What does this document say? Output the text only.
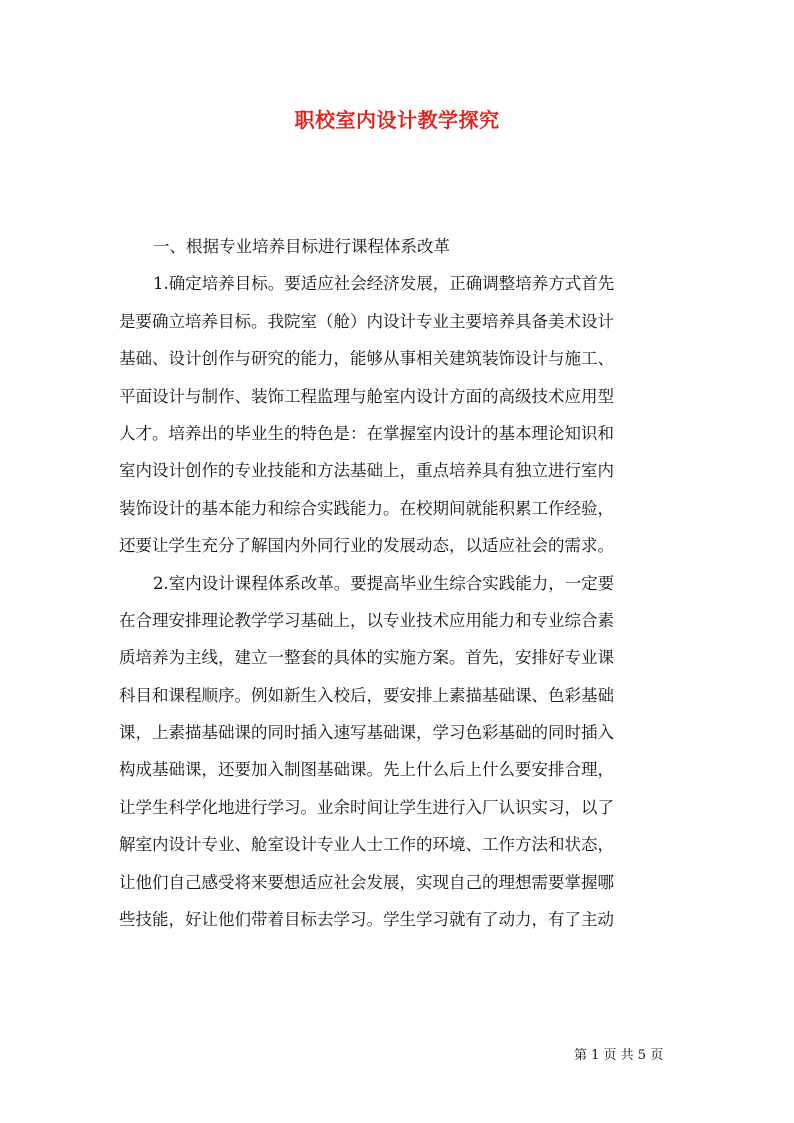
职校室内设计教学探究
一、根据专业培养目标进行课程体系改革
1.确定培养目标。要适应社会经济发展，正确调整培养方式首先
是要确立培养目标。我院室（舱）内设计专业主要培养具备美术设计
基础、设计创作与研究的能力，能够从事相关建筑装饰设计与施工、
平面设计与制作、装饰工程监理与舱室内设计方面的高级技术应用型
人才。培养出的毕业生的特色是：在掌握室内设计的基本理论知识和
室内设计创作的专业技能和方法基础上，重点培养具有独立进行室内
装饰设计的基本能力和综合实践能力。在校期间就能积累工作经验，
还要让学生充分了解国内外同行业的发展动态，以适应社会的需求。
2.室内设计课程体系改革。要提高毕业生综合实践能力，一定要
在合理安排理论教学学习基础上，以专业技术应用能力和专业综合素
质培养为主线，建立一整套的具体的实施方案。首先，安排好专业课
科目和课程顺序。例如新生入校后，要安排上素描基础课、色彩基础
课，上素描基础课的同时插入速写基础课，学习色彩基础的同时插入
构成基础课，还要加入制图基础课。先上什么后上什么要安排合理，
让学生科学化地进行学习。业余时间让学生进行入厂认识实习，以了
解室内设计专业、舱室设计专业人士工作的环境、工作方法和状态，
让他们自己感受将来要想适应社会发展，实现自己的理想需要掌握哪
些技能，好让他们带着目标去学习。学生学习就有了动力，有了主动
第 1 页 共 5 页
